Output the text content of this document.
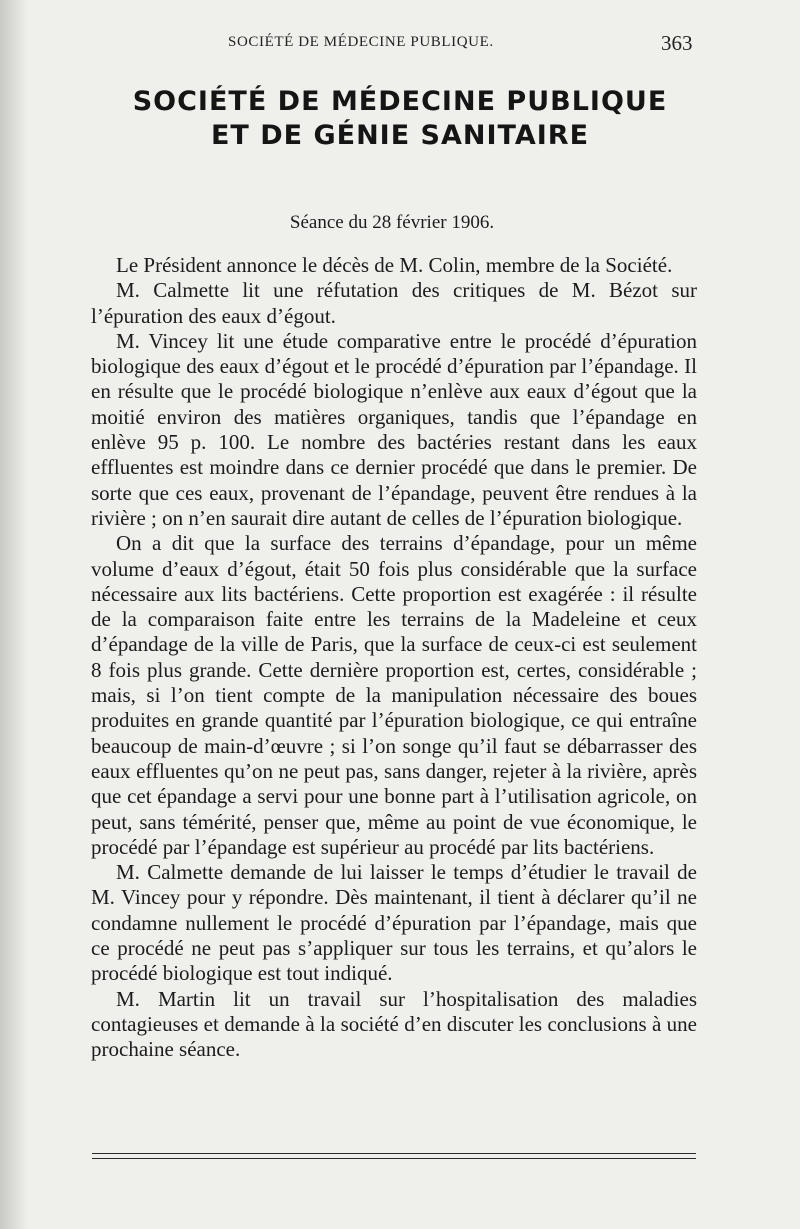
SOCIÉTÉ DE MÉDECINE PUBLIQUE.	363
SOCIÉTÉ DE MÉDECINE PUBLIQUE
ET DE GÉNIE SANITAIRE
Séance du 28 février 1906.

Le Président annonce le décès de M. Colin, membre de la Société.

M. Calmette lit une réfutation des critiques de M. Bézot sur l’épuration des eaux d’égout.

M. Vincey lit une étude comparative entre le procédé d’épuration biologique des eaux d’égout et le procédé d’épuration par l’épandage. Il en résulte que le procédé biologique n’enlève aux eaux d’égout que la moitié environ des matières organiques, tandis que l’épandage en enlève 95 p. 100. Le nombre des bactéries restant dans les eaux effluentes est moindre dans ce dernier procédé que dans le premier. De sorte que ces eaux, provenant de l’épandage, peuvent être rendues à la rivière ; on n’en saurait dire autant de celles de l’épuration biologique.

On a dit que la surface des terrains d’épandage, pour un même volume d’eaux d’égout, était 50 fois plus considérable que la surface nécessaire aux lits bactériens. Cette proportion est exagérée : il résulte de la comparaison faite entre les terrains de la Madeleine et ceux d’épandage de la ville de Paris, que la surface de ceux-ci est seulement 8 fois plus grande. Cette dernière proportion est, certes, considérable ; mais, si l’on tient compte de la manipulation nécessaire des boues produites en grande quantité par l’épuration biologique, ce qui entraîne beaucoup de main-d’œuvre ; si l’on songe qu’il faut se débarrasser des eaux effluentes qu’on ne peut pas, sans danger, rejeter à la rivière, après que cet épandage a servi pour une bonne part à l’utilisation agricole, on peut, sans témérité, penser que, même au point de vue économique, le procédé par l’épandage est supérieur au procédé par lits bactériens.

M. Calmette demande de lui laisser le temps d’étudier le travail de M. Vincey pour y répondre. Dès maintenant, il tient à déclarer qu’il ne condamne nullement le procédé d’épuration par l’épandage, mais que ce procédé ne peut pas s’appliquer sur tous les terrains, et qu’alors le procédé biologique est tout indiqué.

M. Martin lit un travail sur l’hospitalisation des maladies contagieuses et demande à la société d’en discuter les conclusions à une prochaine séance.
